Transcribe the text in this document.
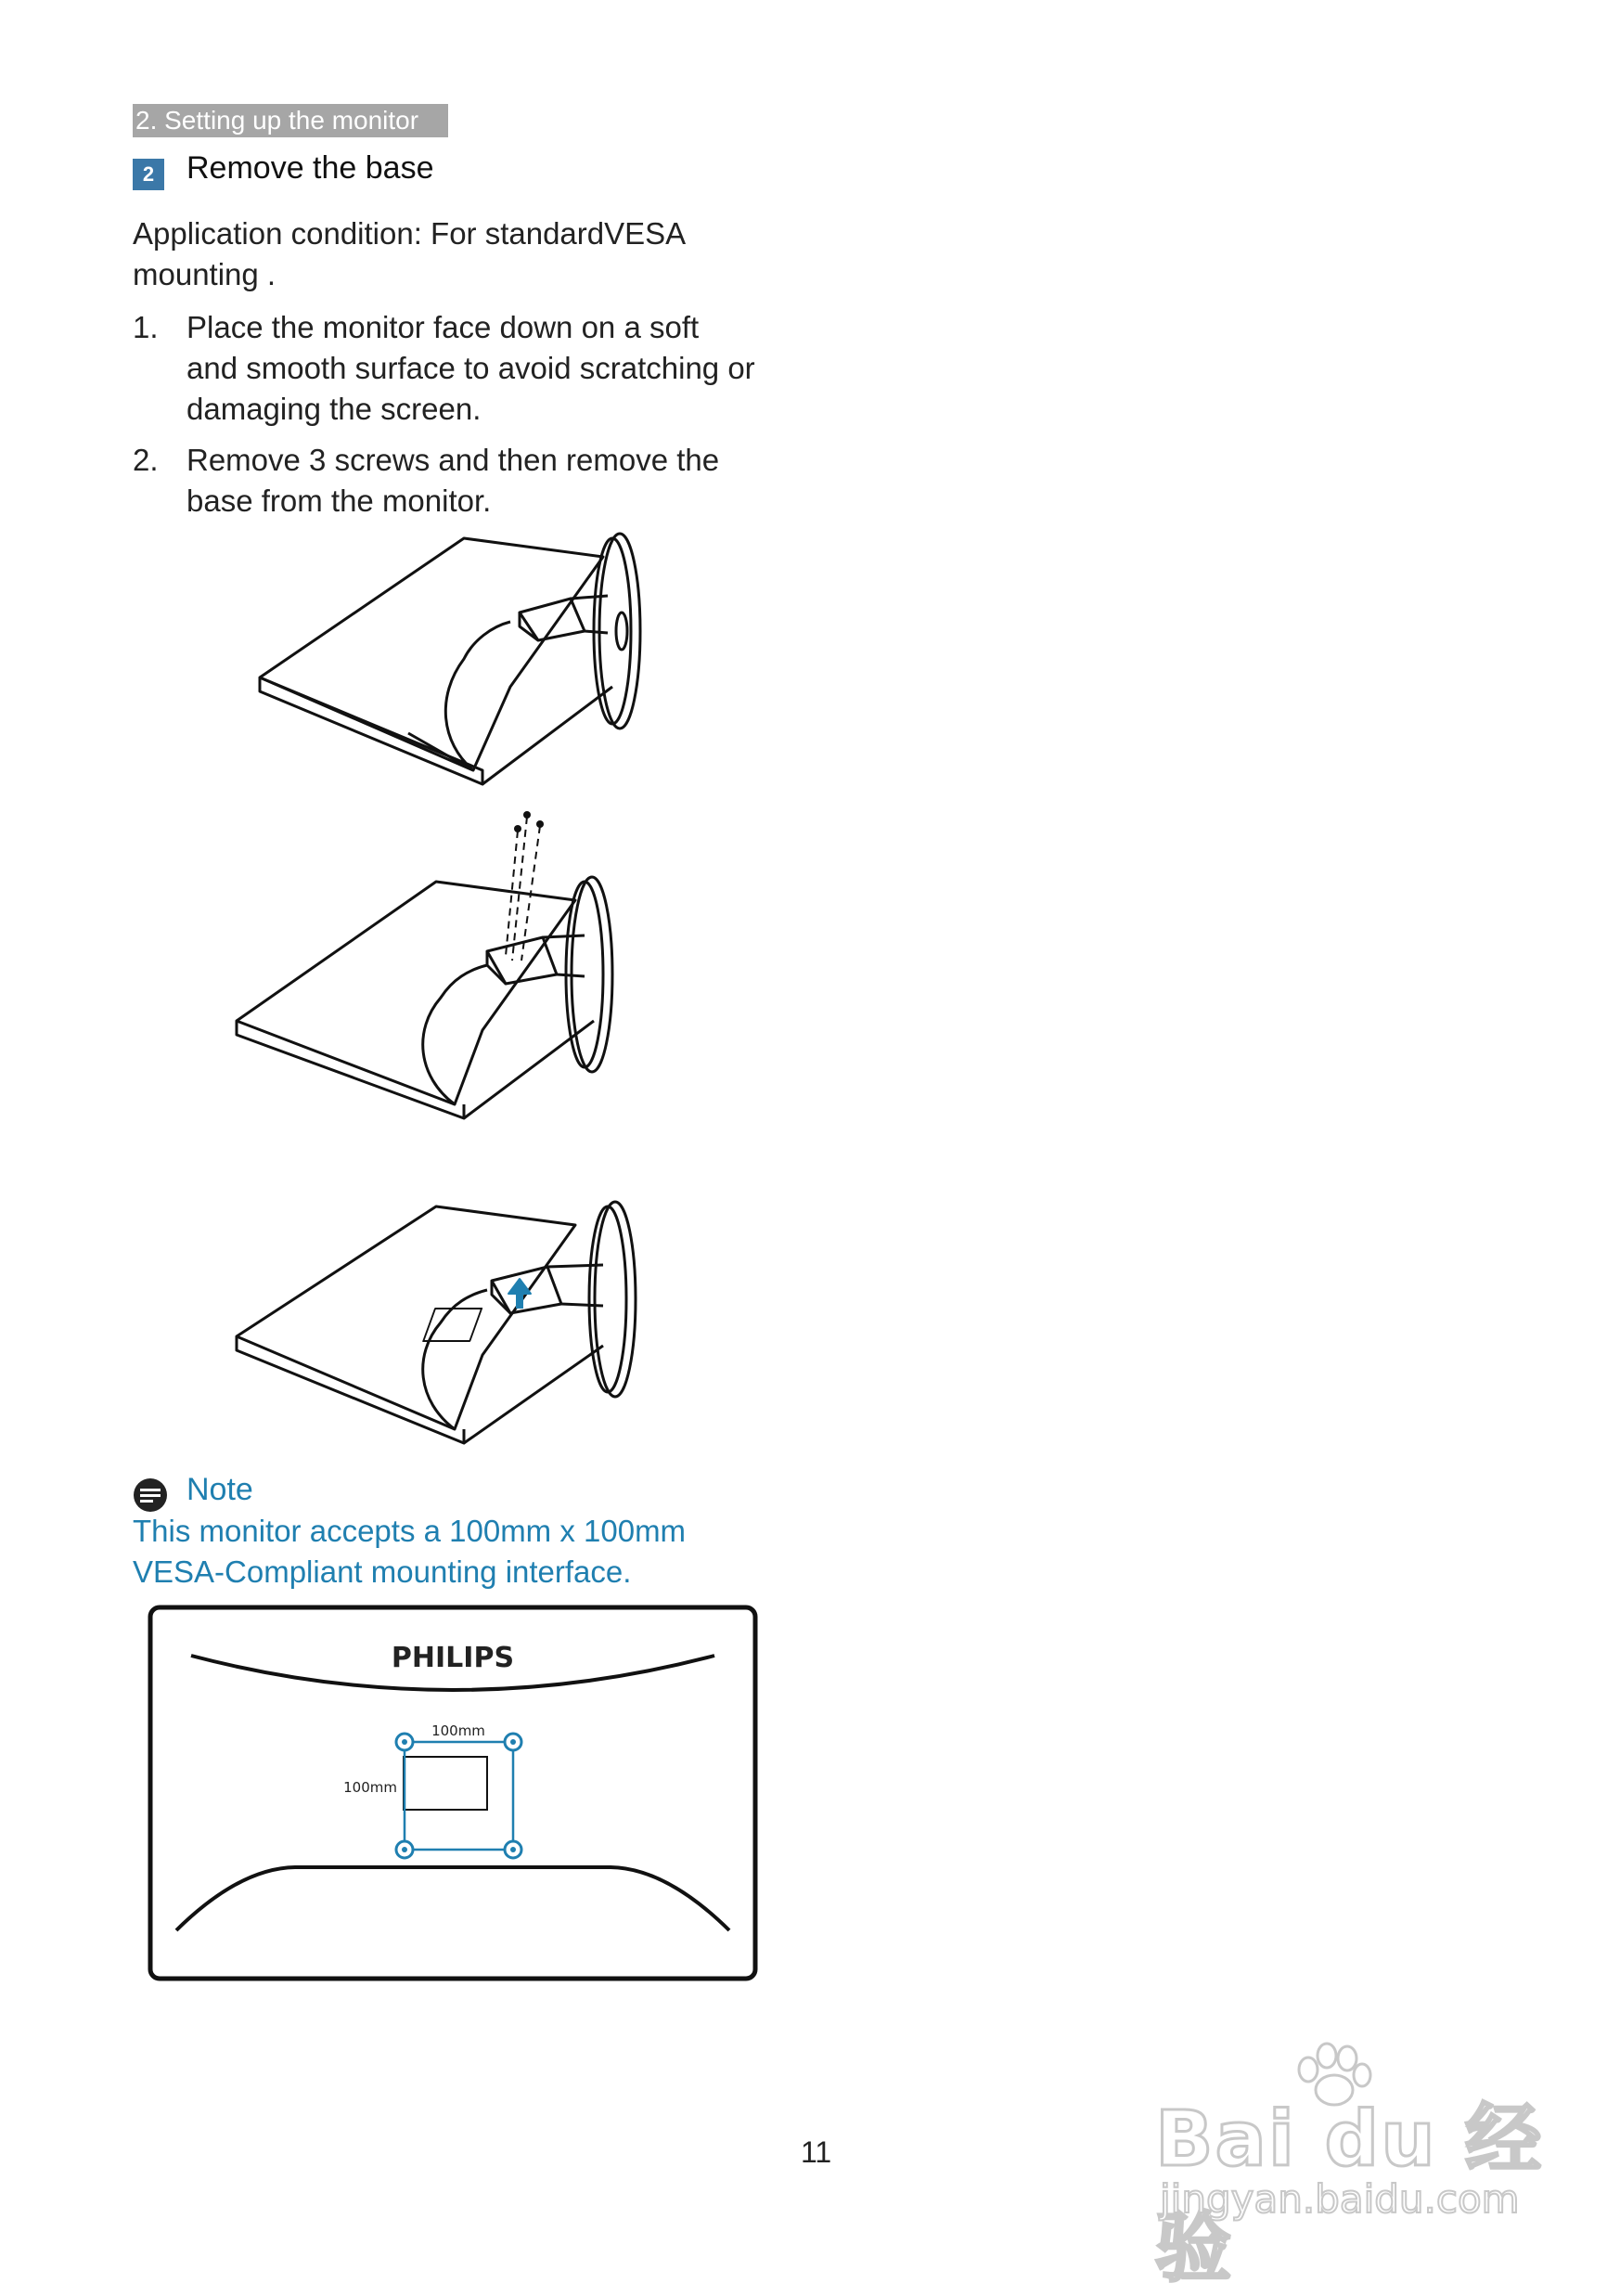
2. Setting up the monitor
2	Remove the base
Application condition: For standardVESA
mounting .
1. Place the monitor face down on a soft
and smooth surface to avoid scratching or
damaging the screen.
2. Remove 3 screws and then remove the
base from the monitor.
Note
This monitor accepts a 100mm x 100mm
VESA-Compliant mounting interface.
PHILIPS
100mm
100mm
11	Bai du 经验
jingyan.baidu.com
